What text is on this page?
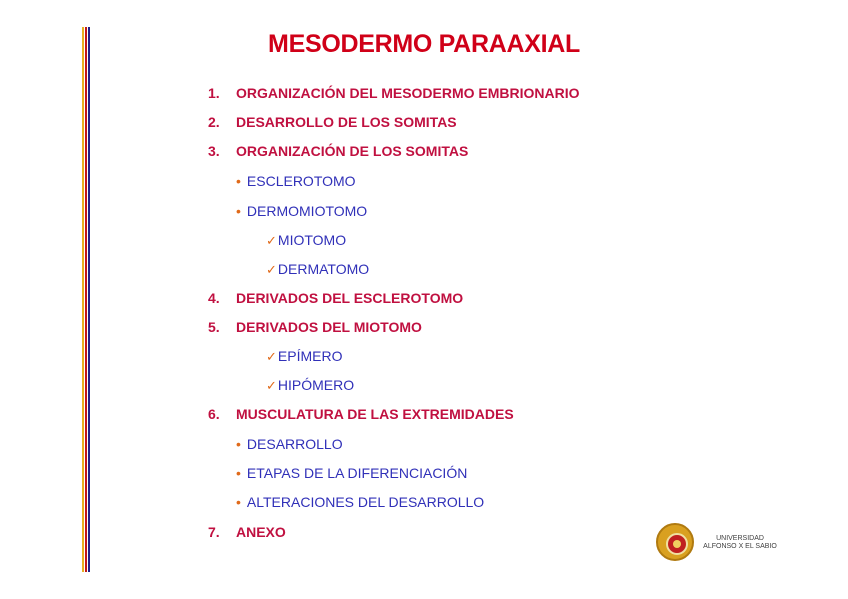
MESODERMO PARAAXIAL
1. ORGANIZACIÓN DEL MESODERMO EMBRIONARIO
2. DESARROLLO DE LOS SOMITAS
3. ORGANIZACIÓN DE LOS SOMITAS
• ESCLEROTOMO
• DERMOMIOTOMO
✓MIOTOMO
✓DERMATOMO
4. DERIVADOS DEL ESCLEROTOMO
5. DERIVADOS DEL MIOTOMO
✓EPÍMERO
✓HIPÓMERO
6. MUSCULATURA DE LAS EXTREMIDADES
• DESARROLLO
• ETAPAS DE LA DIFERENCIACIÓN
• ALTERACIONES DEL DESARROLLO
7. ANEXO	UNIVERSIDAD
ALFONSO X EL SABIO
